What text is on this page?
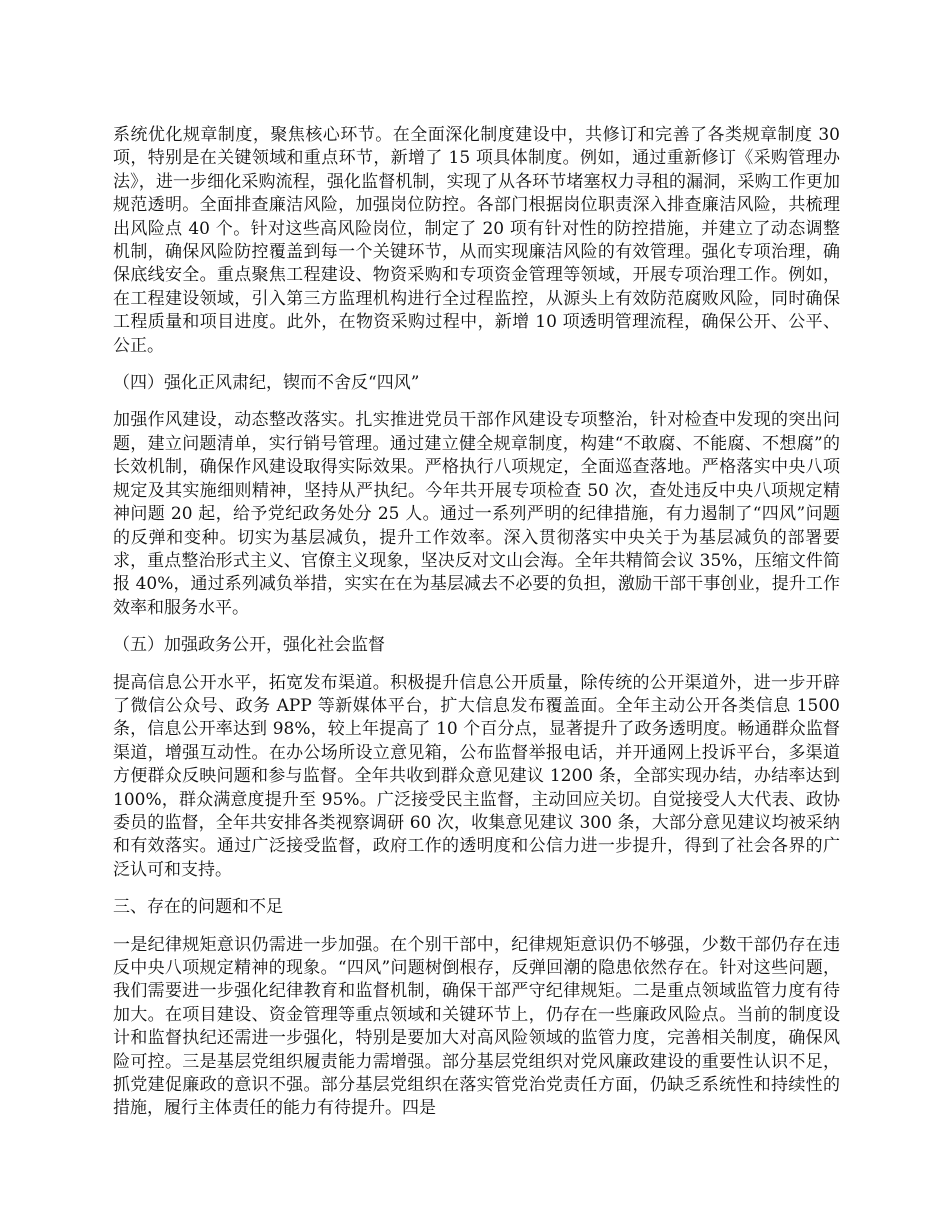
系统优化规章制度，聚焦核心环节。在全面深化制度建设中，共修订和完善了各类规章制度 30 项，特别是在关键领域和重点环节，新增了 15 项具体制度。例如，通过重新修订《采购管理办法》，进一步细化采购流程，强化监督机制，实现了从各环节堵塞权力寻租的漏洞，采购工作更加规范透明。全面排查廉洁风险，加强岗位防控。各部门根据岗位职责深入排查廉洁风险，共梳理出风险点 40 个。针对这些高风险岗位，制定了 20 项有针对性的防控措施，并建立了动态调整机制，确保风险防控覆盖到每一个关键环节，从而实现廉洁风险的有效管理。强化专项治理，确保底线安全。重点聚焦工程建设、物资采购和专项资金管理等领域，开展专项治理工作。例如，在工程建设领域，引入第三方监理机构进行全过程监控，从源头上有效防范腐败风险，同时确保工程质量和项目进度。此外，在物资采购过程中，新增 10 项透明管理流程，确保公开、公平、公正。

（四）强化正风肃纪，锲而不舍反“四风”

加强作风建设，动态整改落实。扎实推进党员干部作风建设专项整治，针对检查中发现的突出问题，建立问题清单，实行销号管理。通过建立健全规章制度，构建“不敢腐、不能腐、不想腐”的长效机制，确保作风建设取得实际效果。严格执行八项规定，全面巡查落地。严格落实中央八项规定及其实施细则精神，坚持从严执纪。今年共开展专项检查 50 次，查处违反中央八项规定精神问题 20 起，给予党纪政务处分 25 人。通过一系列严明的纪律措施，有力遏制了“四风”问题的反弹和变种。切实为基层减负，提升工作效率。深入贯彻落实中央关于为基层减负的部署要求，重点整治形式主义、官僚主义现象，坚决反对文山会海。全年共精简会议 35%，压缩文件简报 40%，通过系列减负举措，实实在在为基层减去不必要的负担，激励干部干事创业，提升工作效率和服务水平。

（五）加强政务公开，强化社会监督

提高信息公开水平，拓宽发布渠道。积极提升信息公开质量，除传统的公开渠道外，进一步开辟了微信公众号、政务 APP 等新媒体平台，扩大信息发布覆盖面。全年主动公开各类信息 1500 条，信息公开率达到 98%，较上年提高了 10 个百分点，显著提升了政务透明度。畅通群众监督渠道，增强互动性。在办公场所设立意见箱，公布监督举报电话，并开通网上投诉平台，多渠道方便群众反映问题和参与监督。全年共收到群众意见建议 1200 条，全部实现办结，办结率达到 100%，群众满意度提升至 95%。广泛接受民主监督，主动回应关切。自觉接受人大代表、政协委员的监督，全年共安排各类视察调研 60 次，收集意见建议 300 条，大部分意见建议均被采纳和有效落实。通过广泛接受监督，政府工作的透明度和公信力进一步提升，得到了社会各界的广泛认可和支持。

三、存在的问题和不足

一是纪律规矩意识仍需进一步加强。在个别干部中，纪律规矩意识仍不够强，少数干部仍存在违反中央八项规定精神的现象。“四风”问题树倒根存，反弹回潮的隐患依然存在。针对这些问题，我们需要进一步强化纪律教育和监督机制，确保干部严守纪律规矩。二是重点领域监管力度有待加大。在项目建设、资金管理等重点领域和关键环节上，仍存在一些廉政风险点。当前的制度设计和监督执纪还需进一步强化，特别是要加大对高风险领域的监管力度，完善相关制度，确保风险可控。三是基层党组织履责能力需增强。部分基层党组织对党风廉政建设的重要性认识不足，抓党建促廉政的意识不强。部分基层党组织在落实管党治党责任方面，仍缺乏系统性和持续性的措施，履行主体责任的能力有待提升。四是
